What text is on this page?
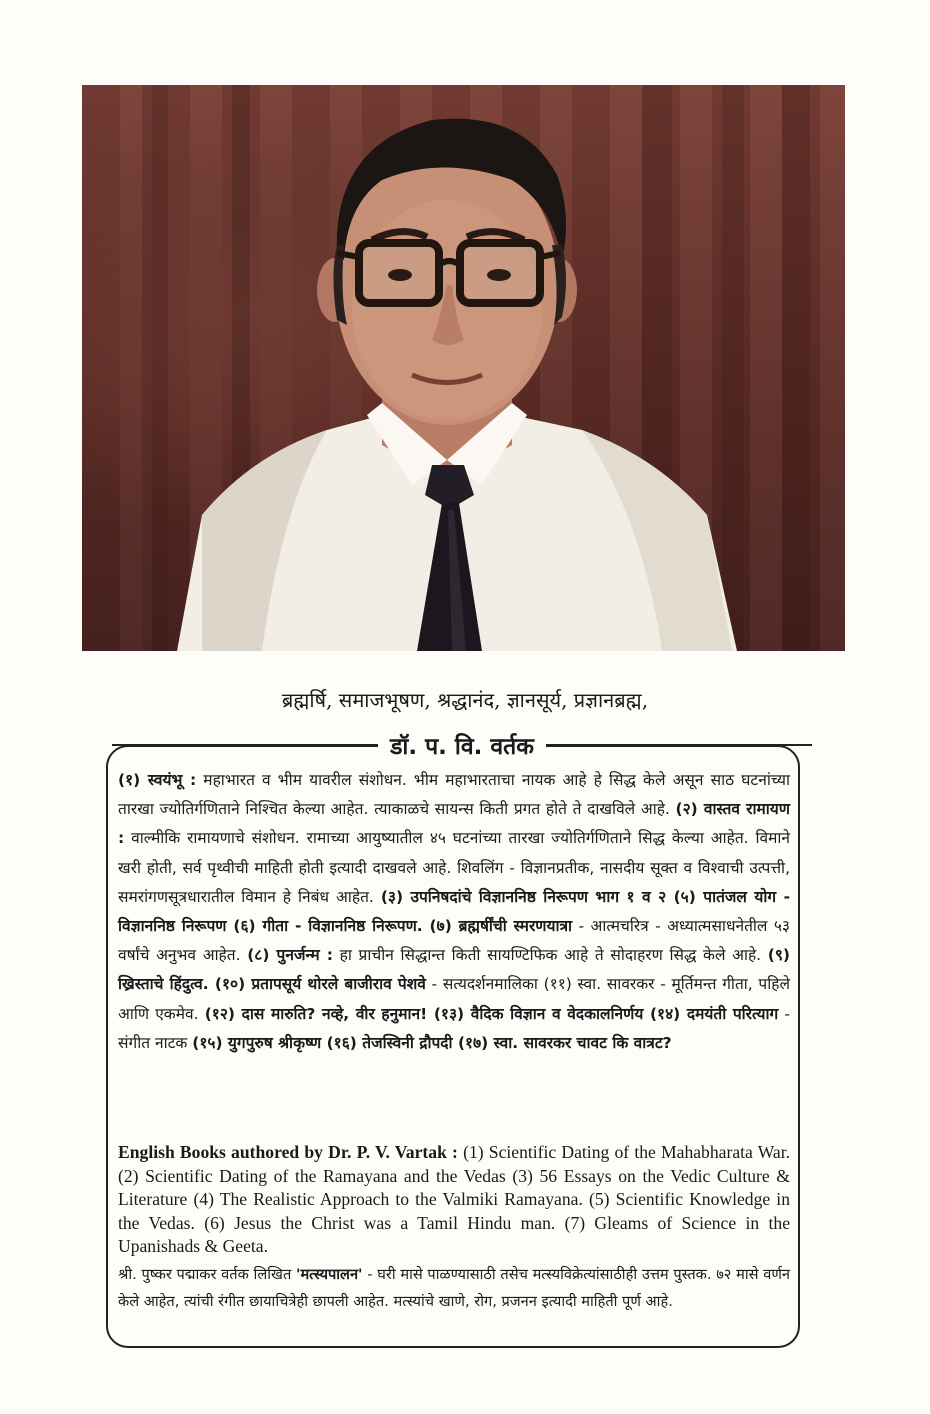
ब्रह्मर्षि, समाजभूषण, श्रद्धानंद, ज्ञानसूर्य, प्रज्ञानब्रह्म,
डॉ. प. वि. वर्तक
(१) स्वयंभू : महाभारत व भीम यावरील संशोधन. भीम महाभारताचा नायक आहे हे सिद्ध केले असून साठ घटनांच्या तारखा ज्योतिर्गणिताने निश्चित केल्या आहेत. त्याकाळचे सायन्स किती प्रगत होते ते दाखविले आहे. (२) वास्तव रामायण : वाल्मीकि रामायणाचे संशोधन. रामाच्या आयुष्यातील ४५ घटनांच्या तारखा ज्योतिर्गणिताने सिद्ध केल्या आहेत. विमाने खरी होती, सर्व पृथ्वीची माहिती होती इत्यादी दाखवले आहे. शिवलिंग - विज्ञानप्रतीक, नासदीय सूक्त व विश्वाची उत्पत्ती, समरांगणसूत्रधारातील विमान हे निबंध आहेत. (३) उपनिषदांचे विज्ञाननिष्ठ निरूपण भाग १ व २ (५) पातंजल योग - विज्ञाननिष्ठ निरूपण (६) गीता - विज्ञाननिष्ठ निरूपण. (७) ब्रह्मर्षींची स्मरणयात्रा - आत्मचरित्र - अध्यात्मसाधनेतील ५३ वर्षांचे अनुभव आहेत. (८) पुनर्जन्म : हा प्राचीन सिद्धान्त किती सायण्टिफिक आहे ते सोदाहरण सिद्ध केले आहे. (९) ख्रिस्ताचे हिंदुत्व. (१०) प्रतापसूर्य थोरले बाजीराव पेशवे - सत्यदर्शनमालिका (११) स्वा. सावरकर - मूर्तिमन्त गीता, पहिले आणि एकमेव. (१२) दास मारुति? नव्हे, वीर हनुमान! (१३) वैदिक विज्ञान व वेदकालनिर्णय (१४) दमयंती परित्याग - संगीत नाटक (१५) युगपुरुष श्रीकृष्ण (१६) तेजस्विनी द्रौपदी (१७) स्वा. सावरकर चावट कि वात्रट?
English Books authored by Dr. P. V. Vartak : (1) Scientific Dating of the Mahabharata War. (2) Scientific Dating of the Ramayana and the Vedas (3) 56 Essays on the Vedic Culture & Literature (4) The Realistic Approach to the Valmiki Ramayana. (5) Scientific Knowledge in the Vedas. (6) Jesus the Christ was a Tamil Hindu man. (7) Gleams of Science in the Upanishads & Geeta.
श्री. पुष्कर पद्माकर वर्तक लिखित 'मत्स्यपालन' - घरी मासे पाळण्यासाठी तसेच मत्स्यविक्रेत्यांसाठीही उत्तम पुस्तक. ७२ मासे वर्णन केले आहेत, त्यांची रंगीत छायाचित्रेही छापली आहेत. मत्स्यांचे खाणे, रोग, प्रजनन इत्यादी माहिती पूर्ण आहे.
